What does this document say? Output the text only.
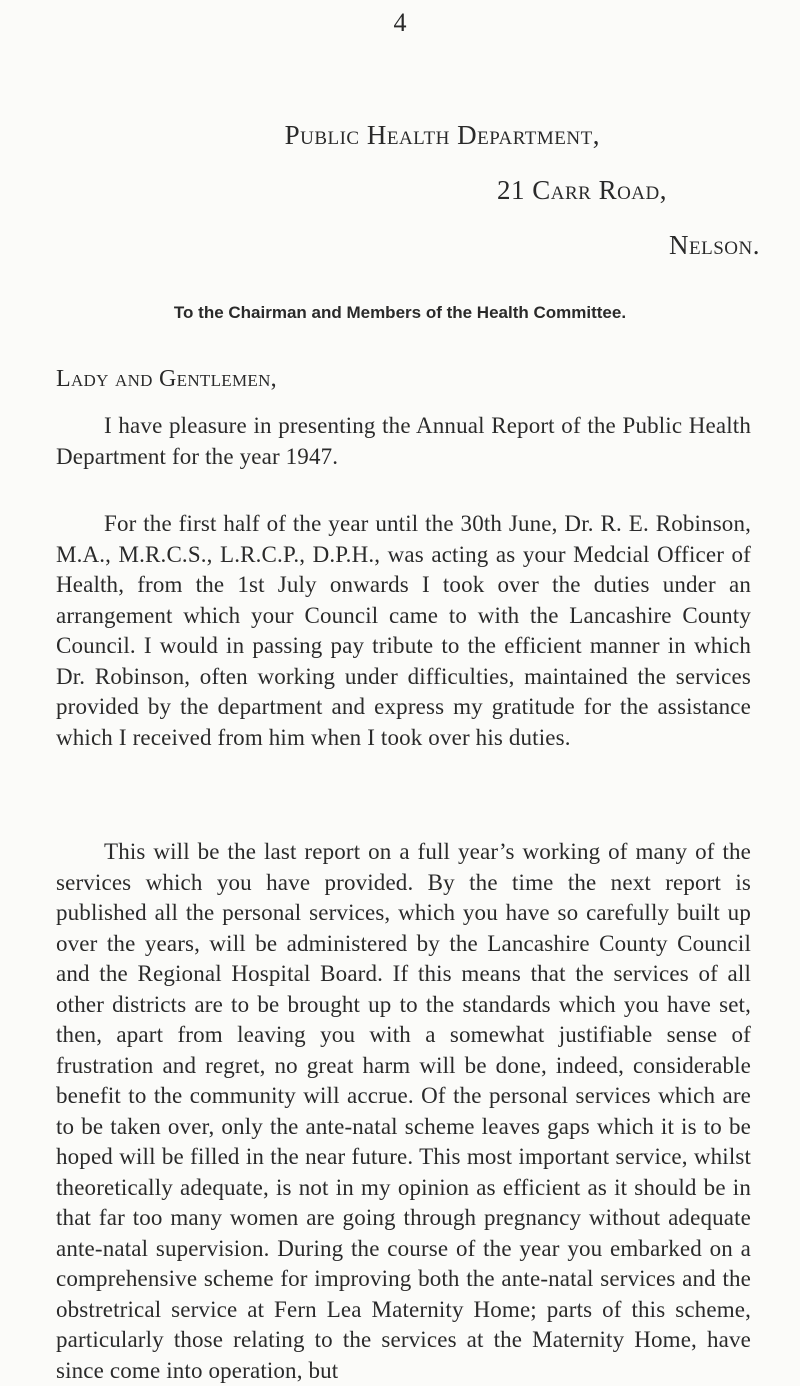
4
Public Health Department,
21 Carr Road,
Nelson.
To the Chairman and Members of the Health Committee.
Lady and Gentlemen,

I have pleasure in presenting the Annual Report of the Public Health Department for the year 1947.

For the first half of the year until the 30th June, Dr. R. E. Robinson, M.A., M.R.C.S., L.R.C.P., D.P.H., was acting as your Medcial Officer of Health, from the 1st July onwards I took over the duties under an arrangement which your Council came to with the Lancashire County Council. I would in passing pay tribute to the efficient manner in which Dr. Robinson, often working under difficulties, maintained the services provided by the department and express my gratitude for the assistance which I received from him when I took over his duties.

This will be the last report on a full year’s working of many of the services which you have provided. By the time the next report is published all the personal services, which you have so carefully built up over the years, will be administered by the Lancashire County Council and the Regional Hospital Board. If this means that the services of all other districts are to be brought up to the standards which you have set, then, apart from leaving you with a somewhat justifiable sense of frustration and regret, no great harm will be done, indeed, considerable benefit to the community will accrue. Of the personal services which are to be taken over, only the ante-natal scheme leaves gaps which it is to be hoped will be filled in the near future. This most important service, whilst theoretically adequate, is not in my opinion as efficient as it should be in that far too many women are going through pregnancy without adequate ante-natal supervision. During the course of the year you embarked on a comprehensive scheme for improving both the ante-natal services and the obstretrical service at Fern Lea Maternity Home; parts of this scheme, particularly those relating to the services at the Maternity Home, have since come into operation, but
